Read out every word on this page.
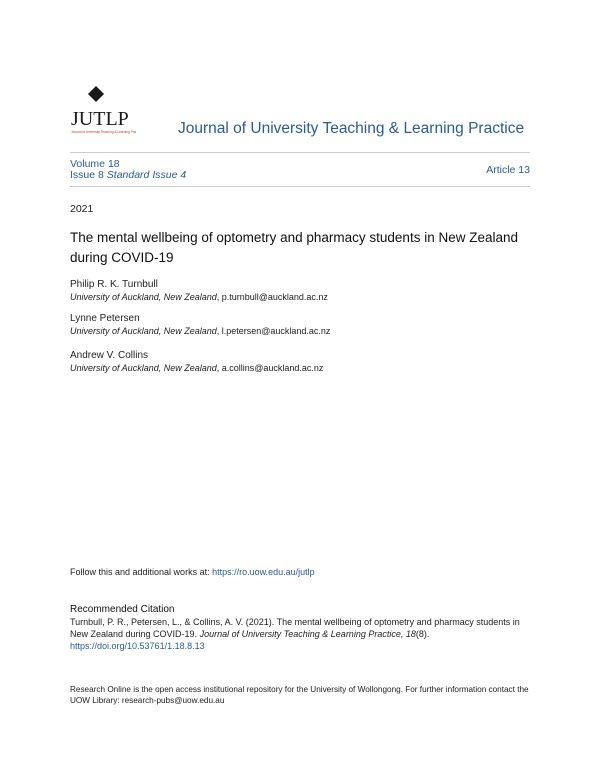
JUTLP
Journal of University Teaching & Learning Practice Journal of University Teaching & Learning Practice
Volume 18
Issue 8 Standard Issue 4	Article 13
2021
The mental wellbeing of optometry and pharmacy students in New Zealand during COVID-19
Philip R. K. Turnbull
University of Auckland, New Zealand, p.turnbull@auckland.ac.nz
Lynne Petersen
University of Auckland, New Zealand, l.petersen@auckland.ac.nz
Andrew V. Collins
University of Auckland, New Zealand, a.collins@auckland.ac.nz
Follow this and additional works at: https://ro.uow.edu.au/jutlp
Recommended Citation
Turnbull, P. R., Petersen, L., & Collins, A. V. (2021). The mental wellbeing of optometry and pharmacy students in New Zealand during COVID-19. Journal of University Teaching & Learning Practice, 18(8).
https://doi.org/10.53761/1.18.8.13
Research Online is the open access institutional repository for the University of Wollongong. For further information contact the UOW Library: research-pubs@uow.edu.au
